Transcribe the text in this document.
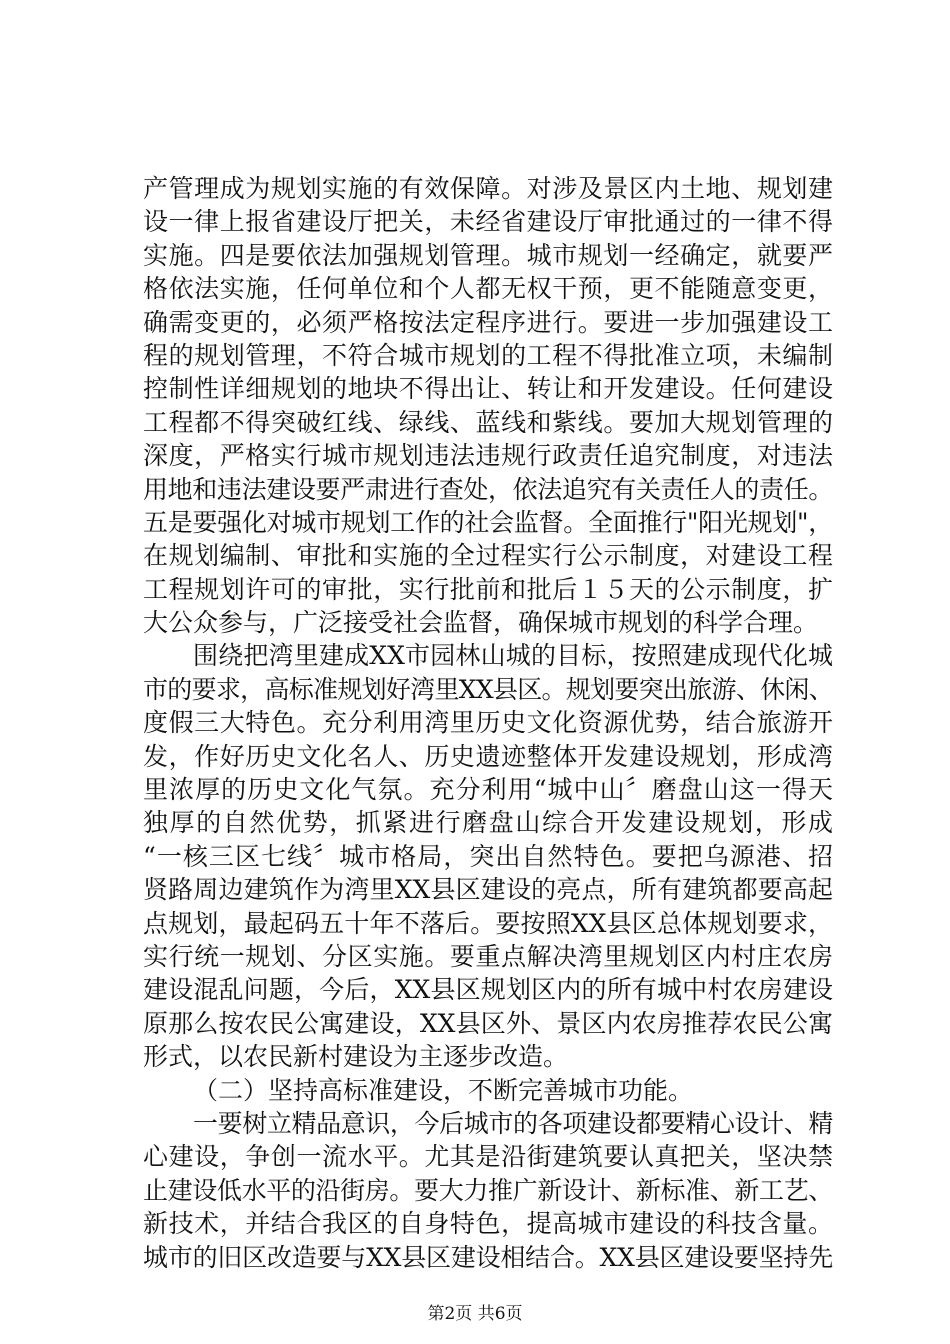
产管理成为规划实施的有效保障。对涉及景区内土地、规划建
设一律上报省建设厅把关，未经省建设厅审批通过的一律不得
实施。四是要依法加强规划管理。城市规划一经确定，就要严
格依法实施，任何单位和个人都无权干预，更不能随意变更，
确需变更的，必须严格按法定程序进行。要进一步加强建设工
程的规划管理，不符合城市规划的工程不得批准立项，未编制
控制性详细规划的地块不得出让、转让和开发建设。任何建设
工程都不得突破红线、绿线、蓝线和紫线。要加大规划管理的
深度，严格实行城市规划违法违规行政责任追究制度，对违法
用地和违法建设要严肃进行查处，依法追究有关责任人的责任。
五是要强化对城市规划工作的社会监督。全面推行"阳光规划"，
在规划编制、审批和实施的全过程实行公示制度，对建设工程
工程规划许可的审批，实行批前和批后１５天的公示制度，扩
大公众参与，广泛接受社会监督，确保城市规划的科学合理。
围绕把湾里建成XX市园林山城的目标，按照建成现代化城
市的要求，高标准规划好湾里XX县区。规划要突出旅游、休闲、
度假三大特色。充分利用湾里历史文化资源优势，结合旅游开
发，作好历史文化名人、历史遗迹整体开发建设规划，形成湾
里浓厚的历史文化气氛。充分利用“城中山〞磨盘山这一得天
独厚的自然优势，抓紧进行磨盘山综合开发建设规划，形成
“一核三区七线〞城市格局，突出自然特色。要把乌源港、招
贤路周边建筑作为湾里XX县区建设的亮点，所有建筑都要高起
点规划，最起码五十年不落后。要按照XX县区总体规划要求，
实行统一规划、分区实施。要重点解决湾里规划区内村庄农房
建设混乱问题，今后，XX县区规划区内的所有城中村农房建设
原那么按农民公寓建设，XX县区外、景区内农房推荐农民公寓
形式，以农民新村建设为主逐步改造。
（二）坚持高标准建设，不断完善城市功能。
一要树立精品意识，今后城市的各项建设都要精心设计、精
心建设，争创一流水平。尤其是沿街建筑要认真把关，坚决禁
止建设低水平的沿街房。要大力推广新设计、新标准、新工艺、
新技术，并结合我区的自身特色，提高城市建设的科技含量。
城市的旧区改造要与XX县区建设相结合。XX县区建设要坚持先
第2页 共6页
